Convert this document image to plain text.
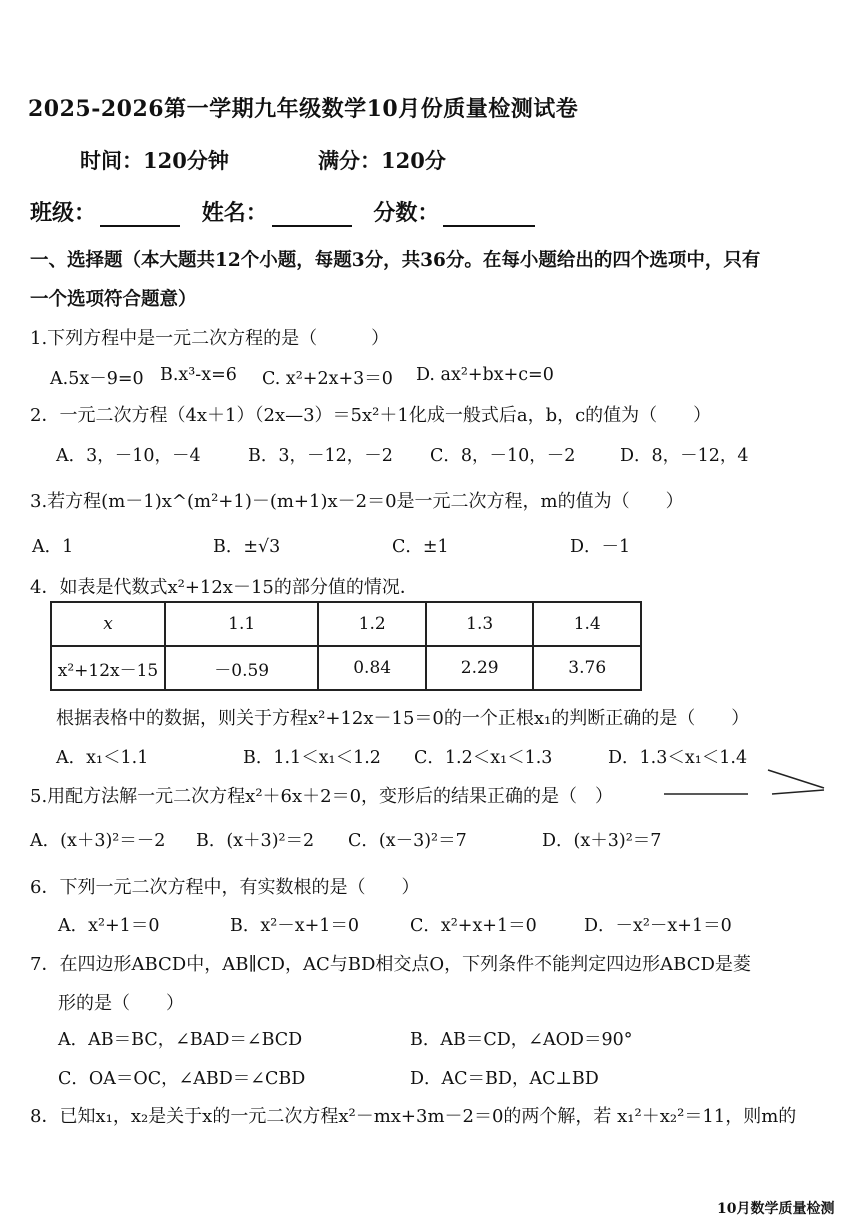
2025-2026第一学期九年级数学10月份质量检测试卷
时间：120分钟	满分：120分
班级：	姓名：	分数：
一、选择题（本大题共12个小题，每题3分，共36分。在每小题给出的四个选项中，只有
一个选项符合题意）
1.下列方程中是一元二次方程的是（　　　）
A.5x－9=0 B.x³-x=6 C. x²+2x+3＝0 D. ax²+bx+c=0
2．一元二次方程（4x＋1）（2x—3）＝5x²＋1化成一般式后a，b，c的值为（　　）
A．3，－10，－4	B．3，－12，－2 C．8，－10，－2	D．8，－12，4
3.若方程(m－1)x^(m²+1)－(m+1)x－2＝0是一元二次方程，m的值为（　　）
A．1	B．±√3	C．±1	D．－1
4．如表是代数式x²+12x－15的部分值的情况．
x	1.1	1.2	1.3	1.4
x²+12x－15	－0.59	0.84	2.29	3.76
根据表格中的数据，则关于方程x²+12x－15＝0的一个正根x₁的判断正确的是（　　）
A．x₁＜1.1	B．1.1＜x₁＜1.2 C．1.2＜x₁＜1.3	D．1.3＜x₁＜1.4
5.用配方法解一元二次方程x²＋6x＋2＝0，变形后的结果正确的是（　）
A．(x＋3)²＝－2 B．(x＋3)²＝2 C．(x－3)²＝7	D．(x＋3)²＝7
6．下列一元二次方程中，有实数根的是（　　）
A．x²+1＝0	B．x²－x+1＝0	C．x²+x+1＝0	D．－x²－x+1＝0
7．在四边形ABCD中，AB∥CD，AC与BD相交点O，下列条件不能判定四边形ABCD是菱
形的是（　　）
A．AB＝BC，∠BAD＝∠BCD	B．AB＝CD，∠AOD＝90°
C．OA＝OC，∠ABD＝∠CBD	D．AC＝BD，AC⊥BD
8．已知x₁，x₂是关于x的一元二次方程x²－mx+3m－2＝0的两个解，若 x₁²＋x₂²＝11，则m的
10月数学质量检测
